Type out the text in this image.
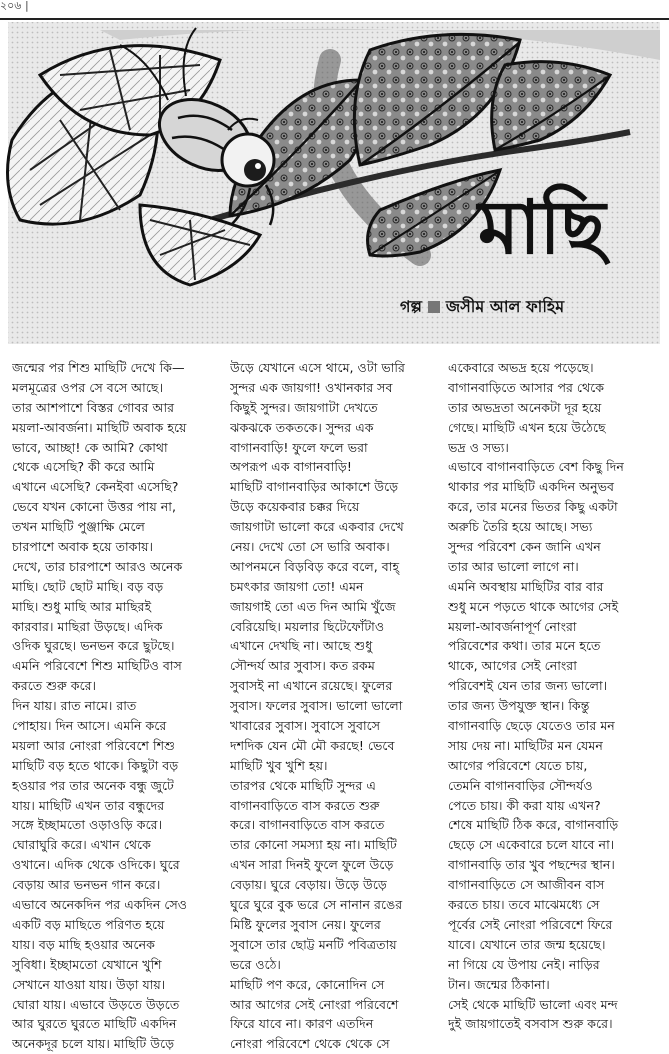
২০৬ |
মাছি
গল্প জসীম আল ফাহিম
জন্মের পর শিশু মাছিটি দেখে কি—
মলমূত্রের ওপর সে বসে আছে।
তার আশপাশে বিস্তর গোবর আর
ময়লা-আবর্জনা। মাছিটি অবাক হয়ে
ভাবে, আচ্ছা! কে আমি? কোথা
থেকে এসেছি? কী করে আমি
এখানে এসেছি? কেনইবা এসেছি?
ভেবে যখন কোনো উত্তর পায় না,
তখন মাছিটি পুঞ্জাক্ষি মেলে
চারপাশে অবাক হয়ে তাকায়।
দেখে, তার চারপাশে আরও অনেক
মাছি। ছোট ছোট মাছি। বড় বড়
মাছি। শুধু মাছি আর মাছিরই
কারবার। মাছিরা উড়ছে। এদিক
ওদিক ঘুরছে। ভনভন করে ছুটছে।
এমনি পরিবেশে শিশু মাছিটিও বাস
করতে শুরু করে।
দিন যায়। রাত নামে। রাত
পোহায়। দিন আসে। এমনি করে
ময়লা আর নোংরা পরিবেশে শিশু
মাছিটি বড় হতে থাকে। কিছুটা বড়
হওয়ার পর তার অনেক বন্ধু জুটে
যায়। মাছিটি এখন তার বন্ধুদের
সঙ্গে ইচ্ছামতো ওড়াওড়ি করে।
ঘোরাঘুরি করে। এখান থেকে
ওখানে। এদিক থেকে ওদিকে। ঘুরে
বেড়ায় আর ভনভন গান করে।
এভাবে অনেকদিন পর একদিন সেও
একটি বড় মাছিতে পরিণত হয়ে
যায়। বড় মাছি হওয়ার অনেক
সুবিধা। ইচ্ছামতো যেখানে খুশি
সেখানে যাওয়া যায়। উড়া যায়।
ঘোরা যায়। এভাবে উড়তে উড়তে
আর ঘুরতে ঘুরতে মাছিটি একদিন
অনেকদূর চলে যায়। মাছিটি উড়ে
উড়ে যেখানে এসে থামে, ওটা ভারি
সুন্দর এক জায়গা! ওখানকার সব
কিছুই সুন্দর। জায়গাটা দেখতে
ঝকঝকে তকতকে। সুন্দর এক
বাগানবাড়ি! ফুলে ফলে ভরা
অপরূপ এক বাগানবাড়ি!
মাছিটি বাগানবাড়ির আকাশে উড়ে
উড়ে কয়েকবার চক্কর দিয়ে
জায়গাটা ভালো করে একবার দেখে
নেয়। দেখে তো সে ভারি অবাক।
আপনমনে বিড়বিড় করে বলে, বাহ্
চমৎকার জায়গা তো! এমন
জায়গাই তো এত দিন আমি খুঁজে
বেরিয়েছি। ময়লার ছিটেফোঁটাও
এখানে দেখছি না। আছে শুধু
সৌন্দর্য আর সুবাস। কত রকম
সুবাসই না এখানে রয়েছে। ফুলের
সুবাস। ফলের সুবাস। ভালো ভালো
খাবারের সুবাস। সুবাসে সুবাসে
দশদিক যেন মৌ মৌ করছে! ভেবে
মাছিটি খুব খুশি হয়।
তারপর থেকে মাছিটি সুন্দর এ
বাগানবাড়িতে বাস করতে শুরু
করে। বাগানবাড়িতে বাস করতে
তার কোনো সমস্যা হয় না। মাছিটি
এখন সারা দিনই ফুলে ফুলে উড়ে
বেড়ায়। ঘুরে বেড়ায়। উড়ে উড়ে
ঘুরে ঘুরে বুক ভরে সে নানান রঙের
মিষ্টি ফুলের সুবাস নেয়। ফুলের
সুবাসে তার ছোট্ট মনটি পবিত্রতায়
ভরে ওঠে।
মাছিটি পণ করে, কোনোদিন সে
আর আগের সেই নোংরা পরিবেশে
ফিরে যাবে না। কারণ এতদিন
নোংরা পরিবেশে থেকে থেকে সে
একেবারে অভদ্র হয়ে পড়েছে।
বাগানবাড়িতে আসার পর থেকে
তার অভদ্রতা অনেকটা দূর হয়ে
গেছে। মাছিটি এখন হয়ে উঠেছে
ভদ্র ও সভ্য।
এভাবে বাগানবাড়িতে বেশ কিছু দিন
থাকার পর মাছিটি একদিন অনুভব
করে, তার মনের ভিতর কিছু একটা
অরুচি তৈরি হয়ে আছে। সভ্য
সুন্দর পরিবেশ কেন জানি এখন
তার আর ভালো লাগে না।
এমনি অবস্থায় মাছিটির বার বার
শুধু মনে পড়তে থাকে আগের সেই
ময়লা-আবর্জনাপূর্ণ নোংরা
পরিবেশের কথা। তার মনে হতে
থাকে, আগের সেই নোংরা
পরিবেশই যেন তার জন্য ভালো।
তার জন্য উপযুক্ত স্থান। কিন্তু
বাগানবাড়ি ছেড়ে যেতেও তার মন
সায় দেয় না। মাছিটির মন যেমন
আগের পরিবেশে যেতে চায়,
তেমনি বাগানবাড়ির সৌন্দর্যও
পেতে চায়। কী করা যায় এখন?
শেষে মাছিটি ঠিক করে, বাগানবাড়ি
ছেড়ে সে একেবারে চলে যাবে না।
বাগানবাড়ি তার খুব পছন্দের স্থান।
বাগানবাড়িতে সে আজীবন বাস
করতে চায়। তবে মাঝেমধ্যে সে
পূর্বের সেই নোংরা পরিবেশে ফিরে
যাবে। যেখানে তার জন্ম হয়েছে।
না গিয়ে যে উপায় নেই। নাড়ির
টান। জন্মের ঠিকানা।
সেই থেকে মাছিটি ভালো এবং মন্দ
দুই জায়গাতেই বসবাস শুরু করে।
